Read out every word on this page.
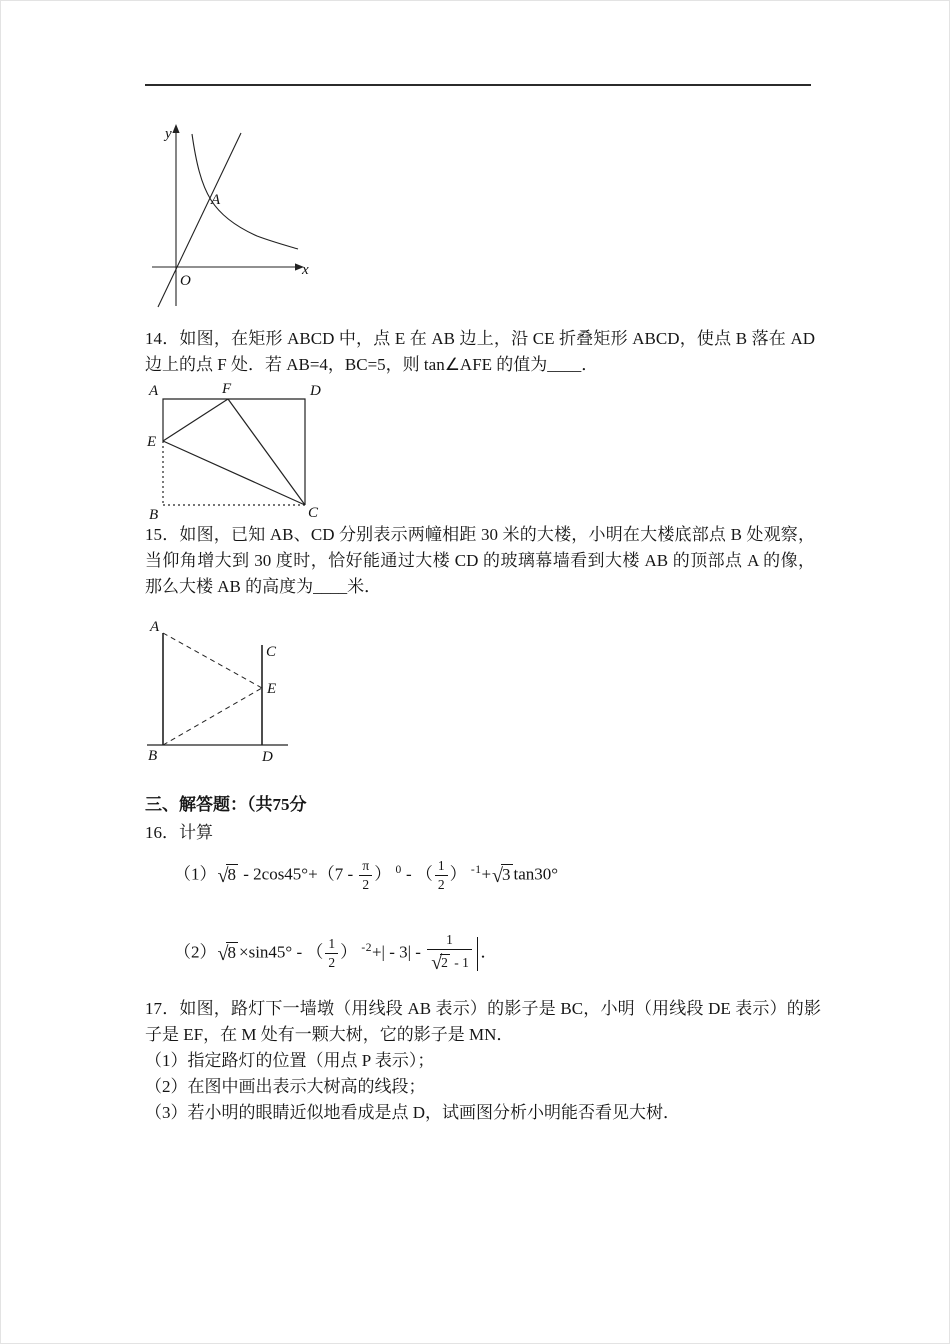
y
x
O
A

14．如图，在矩形 ABCD 中，点 E 在 AB 边上，沿 CE 折叠矩形 ABCD，使点 B 落在 AD 边上的点 F 处．若 AB=4，BC=5，则 tan∠AFE 的值为____．

A	D
F
E
B	C

15．如图，已知 AB、CD 分别表示两幢相距 30 米的大楼，小明在大楼底部点 B 处观察，当仰角增大到 30 度时，恰好能通过大楼 CD 的玻璃幕墙看到大楼 AB 的顶部点 A 的像，那么大楼 AB 的高度为____米．

A
C
E
B	D

三、解答题：（共75分

16．计算

$(1)√8 - 2\cos 45^\circ+(7 - \frac{\pi}{2}$ ） $^0$ - （ $\frac{1}{2}$ ） $^{-1}$+√3 tan30°
（2）√8 ×sin45° - （ $\frac{1}{2}$ ） $^{-2}+| - 3| - \frac{1}{√2 - 1}$ ．

17．如图，路灯下一墙墩（用线段 AB 表示）的影子是 BC，小明（用线段 DE 表示）的影子是 EF，在 M 处有一颗大树，它的影子是 MN．

（1）指定路灯的位置（用点 P 表示）；

（2）在图中画出表示大树高的线段；

（3）若小明的眼睛近似地看成是点 D，试画图分析小明能否看见大树．
